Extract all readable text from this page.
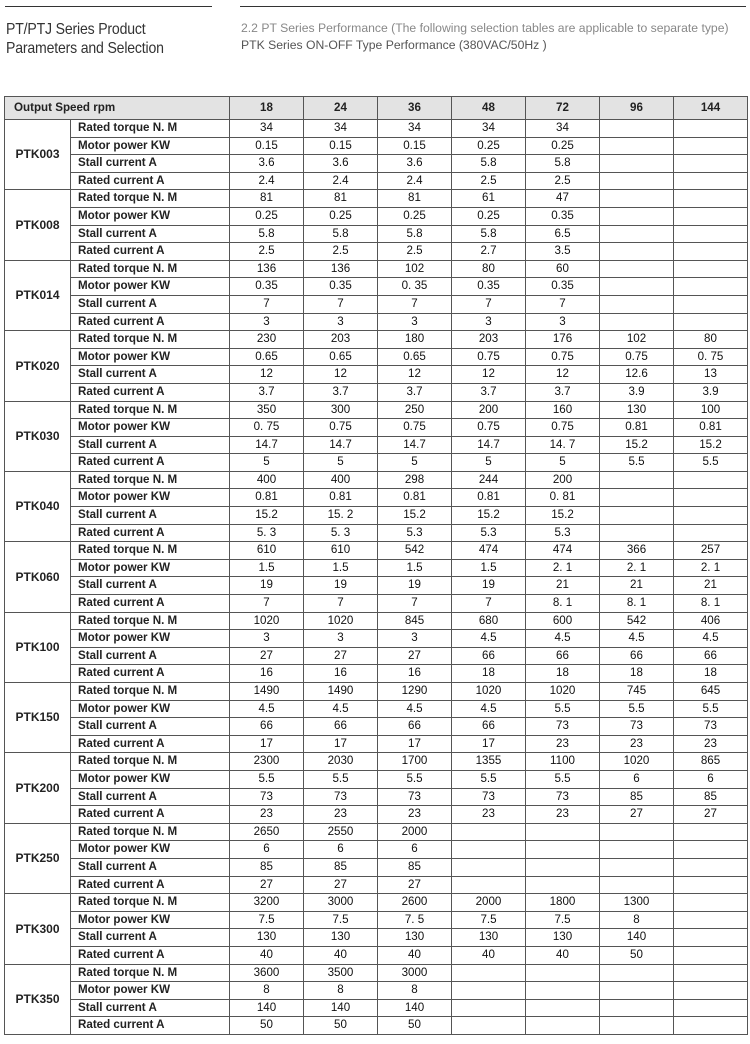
PT/PTJ Series Product
Parameters and Selection
2.2 PT Series Performance (The following selection tables are applicable to separate type)
PTK Series ON-OFF Type Performance (380VAC/50Hz )
Output Speed rpm		18	24	36	48	72	96	144
PTK003	Rated torque N. M	34	34	34	34	34		
	Motor power KW	0.15	0.15	0.15	0.25	0.25		
	Stall current A	3.6	3.6	3.6	5.8	5.8		
	Rated current A	2.4	2.4	2.4	2.5	2.5		
PTK008	Rated torque N. M	81	81	81	61	47		
	Motor power KW	0.25	0.25	0.25	0.25	0.35		
	Stall current A	5.8	5.8	5.8	5.8	6.5		
	Rated current A	2.5	2.5	2.5	2.7	3.5		
PTK014	Rated torque N. M	136	136	102	80	60		
	Motor power KW	0.35	0.35	0. 35	0.35	0.35		
	Stall current A	7	7	7	7	7		
	Rated current A	3	3	3	3	3		
PTK020	Rated torque N. M	230	203	180	203	176	102	80
	Motor power KW	0.65	0.65	0.65	0.75	0.75	0.75	0. 75
	Stall current A	12	12	12	12	12	12.6	13
	Rated current A	3.7	3.7	3.7	3.7	3.7	3.9	3.9
PTK030	Rated torque N. M	350	300	250	200	160	130	100
	Motor power KW	0. 75	0.75	0.75	0.75	0.75	0.81	0.81
	Stall current A	14.7	14.7	14.7	14.7	14. 7	15.2	15.2
	Rated current A	5	5	5	5	5	5.5	5.5
PTK040	Rated torque N. M	400	400	298	244	200		
	Motor power KW	0.81	0.81	0.81	0.81	0. 81		
	Stall current A	15.2	15. 2	15.2	15.2	15.2		
	Rated current A	5. 3	5. 3	5.3	5.3	5.3		
PTK060	Rated torque N. M	610	610	542	474	474	366	257
	Motor power KW	1.5	1.5	1.5	1.5	2. 1	2. 1	2. 1
	Stall current A	19	19	19	19	21	21	21
	Rated current A	7	7	7	7	8. 1	8. 1	8. 1
PTK100	Rated torque N. M	1020	1020	845	680	600	542	406
	Motor power KW	3	3	3	4.5	4.5	4.5	4.5
	Stall current A	27	27	27	66	66	66	66
	Rated current A	16	16	16	18	18	18	18
PTK150	Rated torque N. M	1490	1490	1290	1020	1020	745	645
	Motor power KW	4.5	4.5	4.5	4.5	5.5	5.5	5.5
	Stall current A	66	66	66	66	73	73	73
	Rated current A	17	17	17	17	23	23	23
PTK200	Rated torque N. M	2300	2030	1700	1355	1100	1020	865
	Motor power KW	5.5	5.5	5.5	5.5	5.5	6	6
	Stall current A	73	73	73	73	73	85	85
	Rated current A	23	23	23	23	23	27	27
PTK250	Rated torque N. M	2650	2550	2000				
	Motor power KW	6	6	6				
	Stall current A	85	85	85				
	Rated current A	27	27	27				
PTK300	Rated torque N. M	3200	3000	2600	2000	1800	1300	
	Motor power KW	7.5	7.5	7. 5	7.5	7.5	8	
	Stall current A	130	130	130	130	130	140	
	Rated current A	40	40	40	40	40	50	
PTK350	Rated torque N. M	3600	3500	3000				
	Motor power KW	8	8	8				
	Stall current A	140	140	140				
	Rated current A	50	50	50				
